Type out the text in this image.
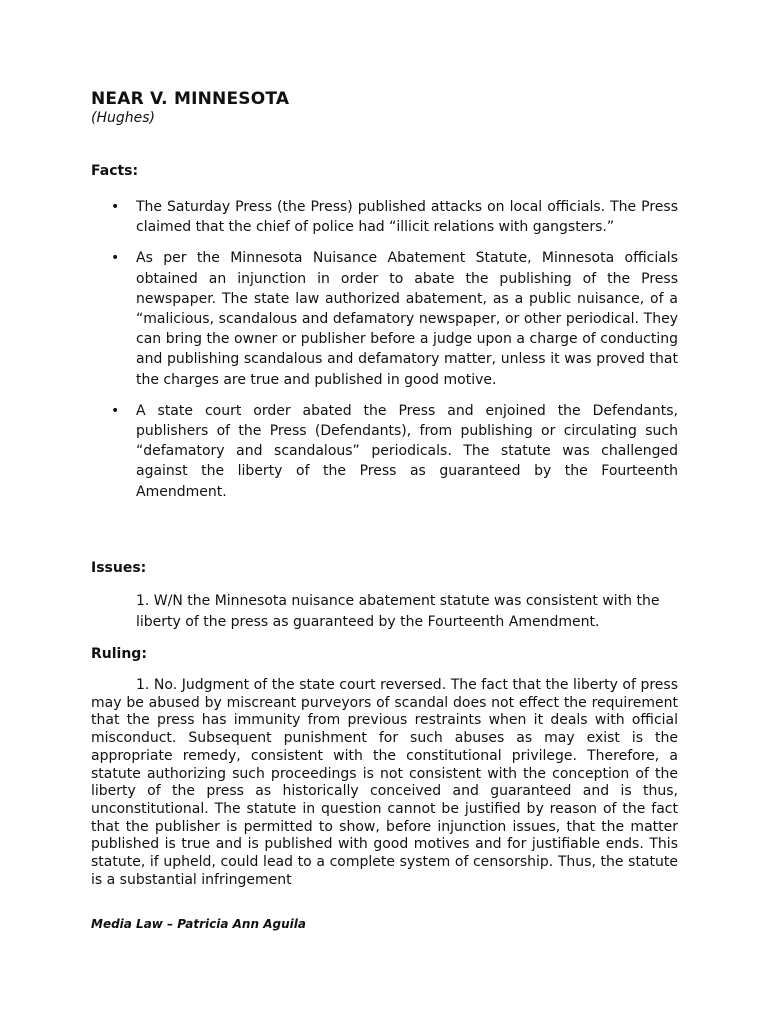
NEAR V. MINNESOTA

(Hughes)

Facts:
• The Saturday Press (the Press) published attacks on local officials. The Press claimed that the chief of police had “illicit relations with gangsters.”
• As per the Minnesota Nuisance Abatement Statute, Minnesota officials obtained an injunction in order to abate the publishing of the Press newspaper. The state law authorized abatement, as a public nuisance, of a “malicious, scandalous and defamatory newspaper, or other periodical. They can bring the owner or publisher before a judge upon a charge of conducting and publishing scandalous and defamatory matter, unless it was proved that the charges are true and published in good motive.
• A state court order abated the Press and enjoined the Defendants, publishers of the Press (Defendants), from publishing or circulating such “defamatory and scandalous” periodicals. The statute was challenged against the liberty of the Press as guaranteed by the Fourteenth Amendment.
Issues:

1. W/N the Minnesota nuisance abatement statute was consistent with the liberty of the press as guaranteed by the Fourteenth Amendment.

Ruling:

1. No. Judgment of the state court reversed. The fact that the liberty of press may be abused by miscreant purveyors of scandal does not effect the requirement that the press has immunity from previous restraints when it deals with official misconduct. Subsequent punishment for such abuses as may exist is the appropriate remedy, consistent with the constitutional privilege. Therefore, a statute authorizing such proceedings is not consistent with the conception of the liberty of the press as historically conceived and guaranteed and is thus, unconstitutional. The statute in question cannot be justified by reason of the fact that the publisher is permitted to show, before injunction issues, that the matter published is true and is published with good motives and for justifiable ends. This statute, if upheld, could lead to a complete system of censorship. Thus, the statute is a substantial infringement

Media Law – Patricia Ann Aguila
